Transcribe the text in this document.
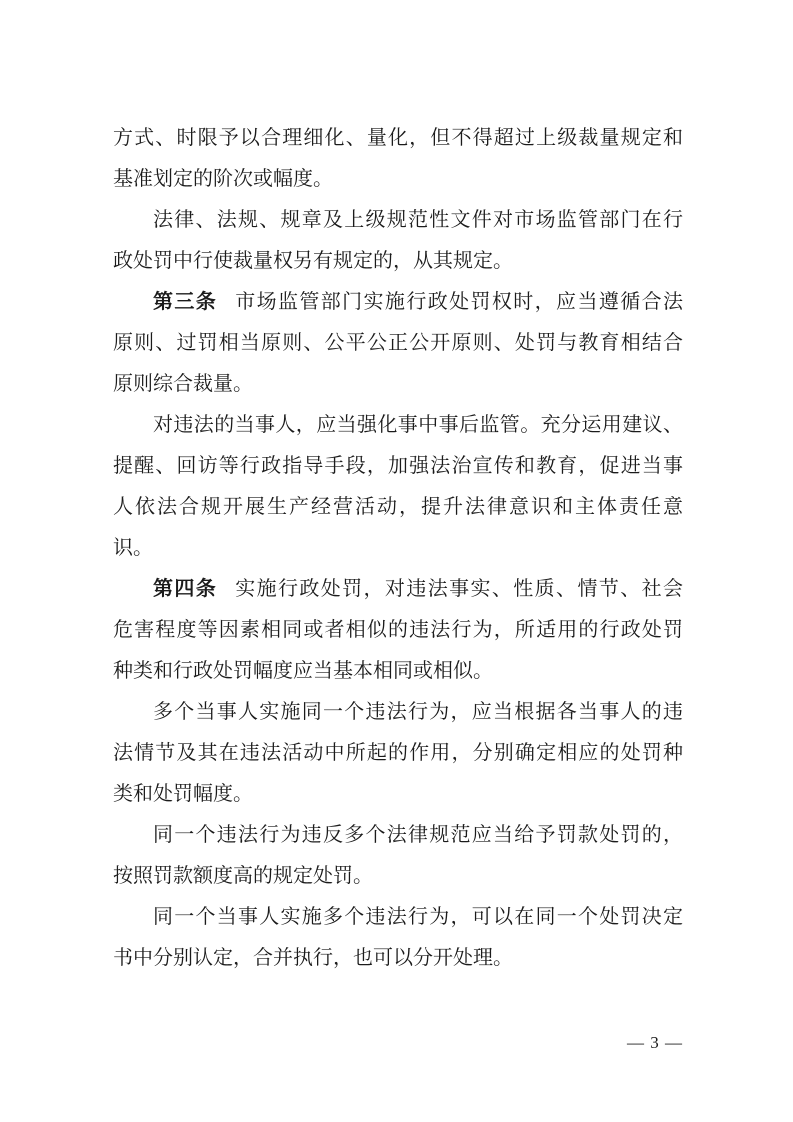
方式、时限予以合理细化、量化，但不得超过上级裁量规定和
基准划定的阶次或幅度。
法律、法规、规章及上级规范性文件对市场监管部门在行
政处罚中行使裁量权另有规定的，从其规定。
第三条 市场监管部门实施行政处罚权时，应当遵循合法
原则、过罚相当原则、公平公正公开原则、处罚与教育相结合
原则综合裁量。
对违法的当事人，应当强化事中事后监管。充分运用建议、
提醒、回访等行政指导手段，加强法治宣传和教育，促进当事
人依法合规开展生产经营活动，提升法律意识和主体责任意
识。
第四条 实施行政处罚，对违法事实、性质、情节、社会
危害程度等因素相同或者相似的违法行为，所适用的行政处罚
种类和行政处罚幅度应当基本相同或相似。
多个当事人实施同一个违法行为，应当根据各当事人的违
法情节及其在违法活动中所起的作用，分别确定相应的处罚种
类和处罚幅度。
同一个违法行为违反多个法律规范应当给予罚款处罚的，
按照罚款额度高的规定处罚。
同一个当事人实施多个违法行为，可以在同一个处罚决定
书中分别认定，合并执行，也可以分开处理。
— 3 —
